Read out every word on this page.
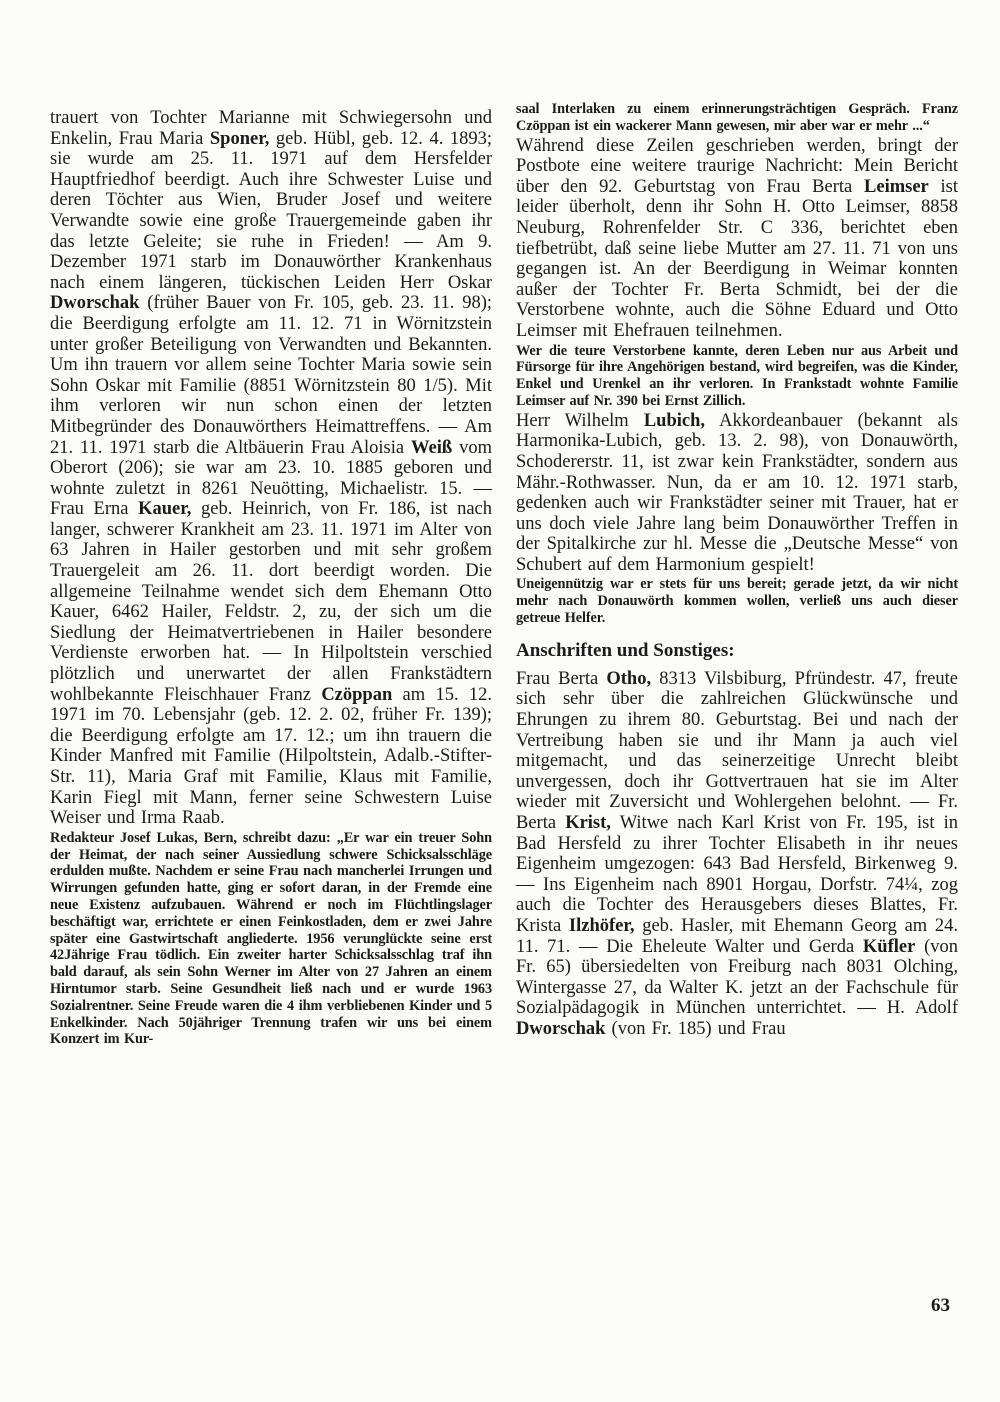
trauert von Tochter Marianne mit Schwiegersohn und Enkelin, Frau Maria Sponer, geb. Hübl, geb. 12. 4. 1893; sie wurde am 25. 11. 1971 auf dem Hersfelder Hauptfriedhof beerdigt. Auch ihre Schwester Luise und deren Töchter aus Wien, Bruder Josef und weitere Verwandte sowie eine große Trauergemeinde gaben ihr das letzte Geleite; sie ruhe in Frieden! — Am 9. Dezember 1971 starb im Donauwörther Krankenhaus nach einem längeren, tückischen Leiden Herr Oskar Dworschak (früher Bauer von Fr. 105, geb. 23. 11. 98); die Beerdigung erfolgte am 11. 12. 71 in Wörnitzstein unter großer Beteiligung von Verwandten und Bekannten. Um ihn trauern vor allem seine Tochter Maria sowie sein Sohn Oskar mit Familie (8851 Wörnitzstein 80 1/5). Mit ihm verloren wir nun schon einen der letzten Mitbegründer des Donauwörthers Heimattreffens. — Am 21. 11. 1971 starb die Altbäuerin Frau Aloisia Weiß vom Oberort (206); sie war am 23. 10. 1885 geboren und wohnte zuletzt in 8261 Neuötting, Michaelistr. 15. — Frau Erna Kauer, geb. Heinrich, von Fr. 186, ist nach langer, schwerer Krankheit am 23. 11. 1971 im Alter von 63 Jahren in Hailer gestorben und mit sehr großem Trauergeleit am 26. 11. dort beerdigt worden. Die allgemeine Teilnahme wendet sich dem Ehemann Otto Kauer, 6462 Hailer, Feldstr. 2, zu, der sich um die Siedlung der Heimatvertriebenen in Hailer besondere Verdienste erworben hat. — In Hilpoltstein verschied plötzlich und unerwartet der allen Frankstädtern wohlbekannte Fleischhauer Franz Czöppan am 15. 12. 1971 im 70. Lebensjahr (geb. 12. 2. 02, früher Fr. 139); die Beerdigung erfolgte am 17. 12.; um ihn trauern die Kinder Manfred mit Familie (Hilpoltstein, Adalb.-Stifter-Str. 11), Maria Graf mit Familie, Klaus mit Familie, Karin Fiegl mit Mann, ferner seine Schwestern Luise Weiser und Irma Raab.

Redakteur Josef Lukas, Bern, schreibt dazu: „Er war ein treuer Sohn der Heimat, der nach seiner Aussiedlung schwere Schicksalsschläge erdulden mußte. Nachdem er seine Frau nach mancherlei Irrungen und Wirrungen gefunden hatte, ging er sofort daran, in der Fremde eine neue Existenz aufzubauen. Während er noch im Flüchtlingslager beschäftigt war, errichtete er einen Feinkostladen, dem er zwei Jahre später eine Gastwirtschaft angliederte. 1956 verunglückte seine erst 42Jährige Frau tödlich. Ein zweiter harter Schicksalsschlag traf ihn bald darauf, als sein Sohn Werner im Alter von 27 Jahren an einem Hirntumor starb. Seine Gesundheit ließ nach und er wurde 1963 Sozialrentner. Seine Freude waren die 4 ihm verbliebenen Kinder und 5 Enkelkinder. Nach 50jähriger Trennung trafen wir uns bei einem Konzert im Kur-

saal Interlaken zu einem erinnerungsträchtigen Gespräch. Franz Czöppan ist ein wackerer Mann gewesen, mir aber war er mehr ...“

Während diese Zeilen geschrieben werden, bringt der Postbote eine weitere traurige Nachricht: Mein Bericht über den 92. Geburtstag von Frau Berta Leimser ist leider überholt, denn ihr Sohn H. Otto Leimser, 8858 Neuburg, Rohrenfelder Str. C 336, berichtet eben tiefbetrübt, daß seine liebe Mutter am 27. 11. 71 von uns gegangen ist. An der Beerdigung in Weimar konnten außer der Tochter Fr. Berta Schmidt, bei der die Verstorbene wohnte, auch die Söhne Eduard und Otto Leimser mit Ehefrauen teilnehmen.

Wer die teure Verstorbene kannte, deren Leben nur aus Arbeit und Fürsorge für ihre Angehörigen bestand, wird begreifen, was die Kinder, Enkel und Urenkel an ihr verloren. In Frankstadt wohnte Familie Leimser auf Nr. 390 bei Ernst Zillich.

Herr Wilhelm Lubich, Akkordeanbauer (bekannt als Harmonika-Lubich, geb. 13. 2. 98), von Donauwörth, Schodererstr. 11, ist zwar kein Frankstädter, sondern aus Mähr.-Rothwasser. Nun, da er am 10. 12. 1971 starb, gedenken auch wir Frankstädter seiner mit Trauer, hat er uns doch viele Jahre lang beim Donauwörther Treffen in der Spitalkirche zur hl. Messe die „Deutsche Messe“ von Schubert auf dem Harmonium gespielt!

Uneigennützig war er stets für uns bereit; gerade jetzt, da wir nicht mehr nach Donauwörth kommen wollen, verließ uns auch dieser getreue Helfer.

Anschriften und Sonstiges:

Frau Berta Otho, 8313 Vilsbiburg, Pfründestr. 47, freute sich sehr über die zahlreichen Glückwünsche und Ehrungen zu ihrem 80. Geburtstag. Bei und nach der Vertreibung haben sie und ihr Mann ja auch viel mitgemacht, und das seinerzeitige Unrecht bleibt unvergessen, doch ihr Gottvertrauen hat sie im Alter wieder mit Zuversicht und Wohlergehen belohnt. — Fr. Berta Krist, Witwe nach Karl Krist von Fr. 195, ist in Bad Hersfeld zu ihrer Tochter Elisabeth in ihr neues Eigenheim umgezogen: 643 Bad Hersfeld, Birkenweg 9. — Ins Eigenheim nach 8901 Horgau, Dorfstr. 74¼, zog auch die Tochter des Herausgebers dieses Blattes, Fr. Krista Ilzhöfer, geb. Hasler, mit Ehemann Georg am 24. 11. 71. — Die Eheleute Walter und Gerda Küfler (von Fr. 65) übersiedelten von Freiburg nach 8031 Olching, Wintergasse 27, da Walter K. jetzt an der Fachschule für Sozialpädagogik in München unterrichtet. — H. Adolf Dworschak (von Fr. 185) und Frau

63
